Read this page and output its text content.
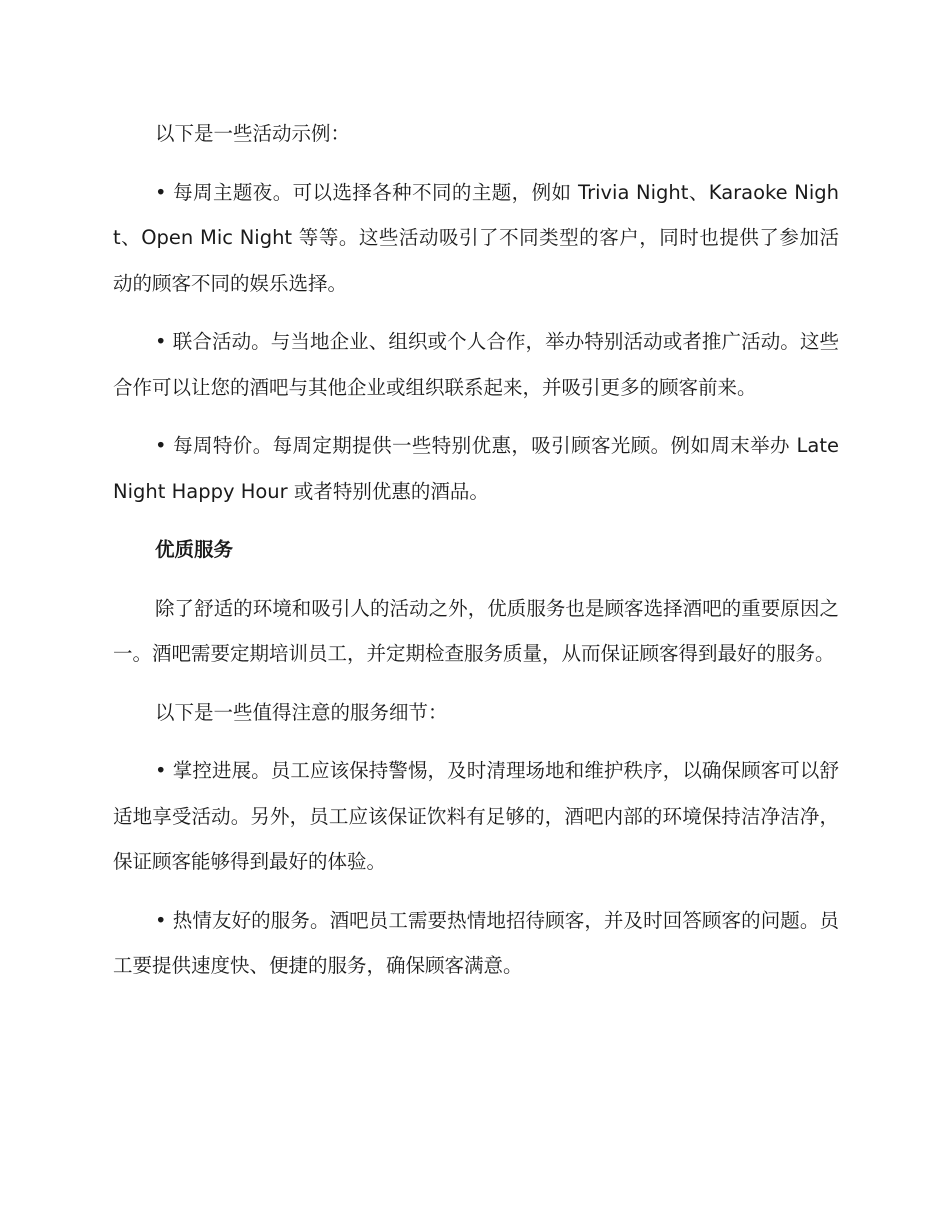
以下是一些活动示例：

• 每周主题夜。可以选择各种不同的主题，例如 Trivia Night、Karaoke Night、Open Mic Night 等等。这些活动吸引了不同类型的客户，同时也提供了参加活动的顾客不同的娱乐选择。

• 联合活动。与当地企业、组织或个人合作，举办特别活动或者推广活动。这些合作可以让您的酒吧与其他企业或组织联系起来，并吸引更多的顾客前来。

• 每周特价。每周定期提供一些特别优惠，吸引顾客光顾。例如周末举办 Late Night Happy Hour 或者特别优惠的酒品。

优质服务

除了舒适的环境和吸引人的活动之外，优质服务也是顾客选择酒吧的重要原因之一。酒吧需要定期培训员工，并定期检查服务质量，从而保证顾客得到最好的服务。

以下是一些值得注意的服务细节：

• 掌控进展。员工应该保持警惕，及时清理场地和维护秩序，以确保顾客可以舒适地享受活动。另外，员工应该保证饮料有足够的，酒吧内部的环境保持洁净洁净，保证顾客能够得到最好的体验。

• 热情友好的服务。酒吧员工需要热情地招待顾客，并及时回答顾客的问题。员工要提供速度快、便捷的服务，确保顾客满意。
